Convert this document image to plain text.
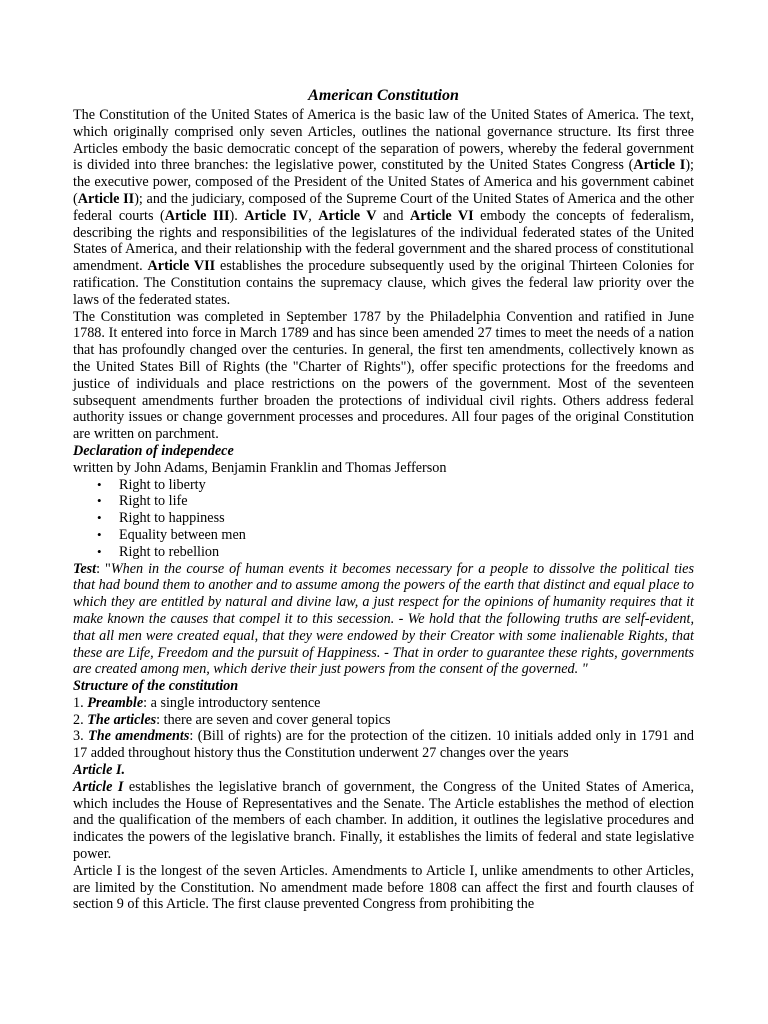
American Constitution

The Constitution of the United States of America is the basic law of the United States of America. The text, which originally comprised only seven Articles, outlines the national governance structure. Its first three Articles embody the basic democratic concept of the separation of powers, whereby the federal government is divided into three branches: the legislative power, constituted by the United States Congress (Article I); the executive power, composed of the President of the United States of America and his government cabinet (Article II); and the judiciary, composed of the Supreme Court of the United States of America and the other federal courts (Article III). Article IV, Article V and Article VI embody the concepts of federalism, describing the rights and responsibilities of the legislatures of the individual federated states of the United States of America, and their relationship with the federal government and the shared process of constitutional amendment. Article VII establishes the procedure subsequently used by the original Thirteen Colonies for ratification. The Constitution contains the supremacy clause, which gives the federal law priority over the laws of the federated states.

The Constitution was completed in September 1787 by the Philadelphia Convention and ratified in June 1788. It entered into force in March 1789 and has since been amended 27 times to meet the needs of a nation that has profoundly changed over the centuries. In general, the first ten amendments, collectively known as the United States Bill of Rights (the "Charter of Rights"), offer specific protections for the freedoms and justice of individuals and place restrictions on the powers of the government. Most of the seventeen subsequent amendments further broaden the protections of individual civil rights. Others address federal authority issues or change government processes and procedures. All four pages of the original Constitution are written on parchment.

Declaration of independece
written by John Adams, Benjamin Franklin and Thomas Jefferson
• Right to liberty
• Right to life
• Right to happiness
• Equality between men
• Right to rebellion

Test: "When in the course of human events it becomes necessary for a people to dissolve the political ties that had bound them to another and to assume among the powers of the earth that distinct and equal place to which they are entitled by natural and divine law, a just respect for the opinions of humanity requires that it make known the causes that compel it to this secession. - We hold that the following truths are self-evident, that all men were created equal, that they were endowed by their Creator with some inalienable Rights, that these are Life, Freedom and the pursuit of Happiness. - That in order to guarantee these rights, governments are created among men, which derive their just powers from the consent of the governed. "

Structure of the constitution

1. Preamble: a single introductory sentence

2. The articles: there are seven and cover general topics

3. The amendments: (Bill of rights) are for the protection of the citizen. 10 initials added only in 1791 and 17 added throughout history thus the Constitution underwent 27 changes over the years

Article I.

Article I establishes the legislative branch of government, the Congress of the United States of America, which includes the House of Representatives and the Senate. The Article establishes the method of election and the qualification of the members of each chamber. In addition, it outlines the legislative procedures and indicates the powers of the legislative branch. Finally, it establishes the limits of federal and state legislative power.

Article I is the longest of the seven Articles. Amendments to Article I, unlike amendments to other Articles, are limited by the Constitution. No amendment made before 1808 can affect the first and fourth clauses of section 9 of this Article. The first clause prevented Congress from prohibiting the
